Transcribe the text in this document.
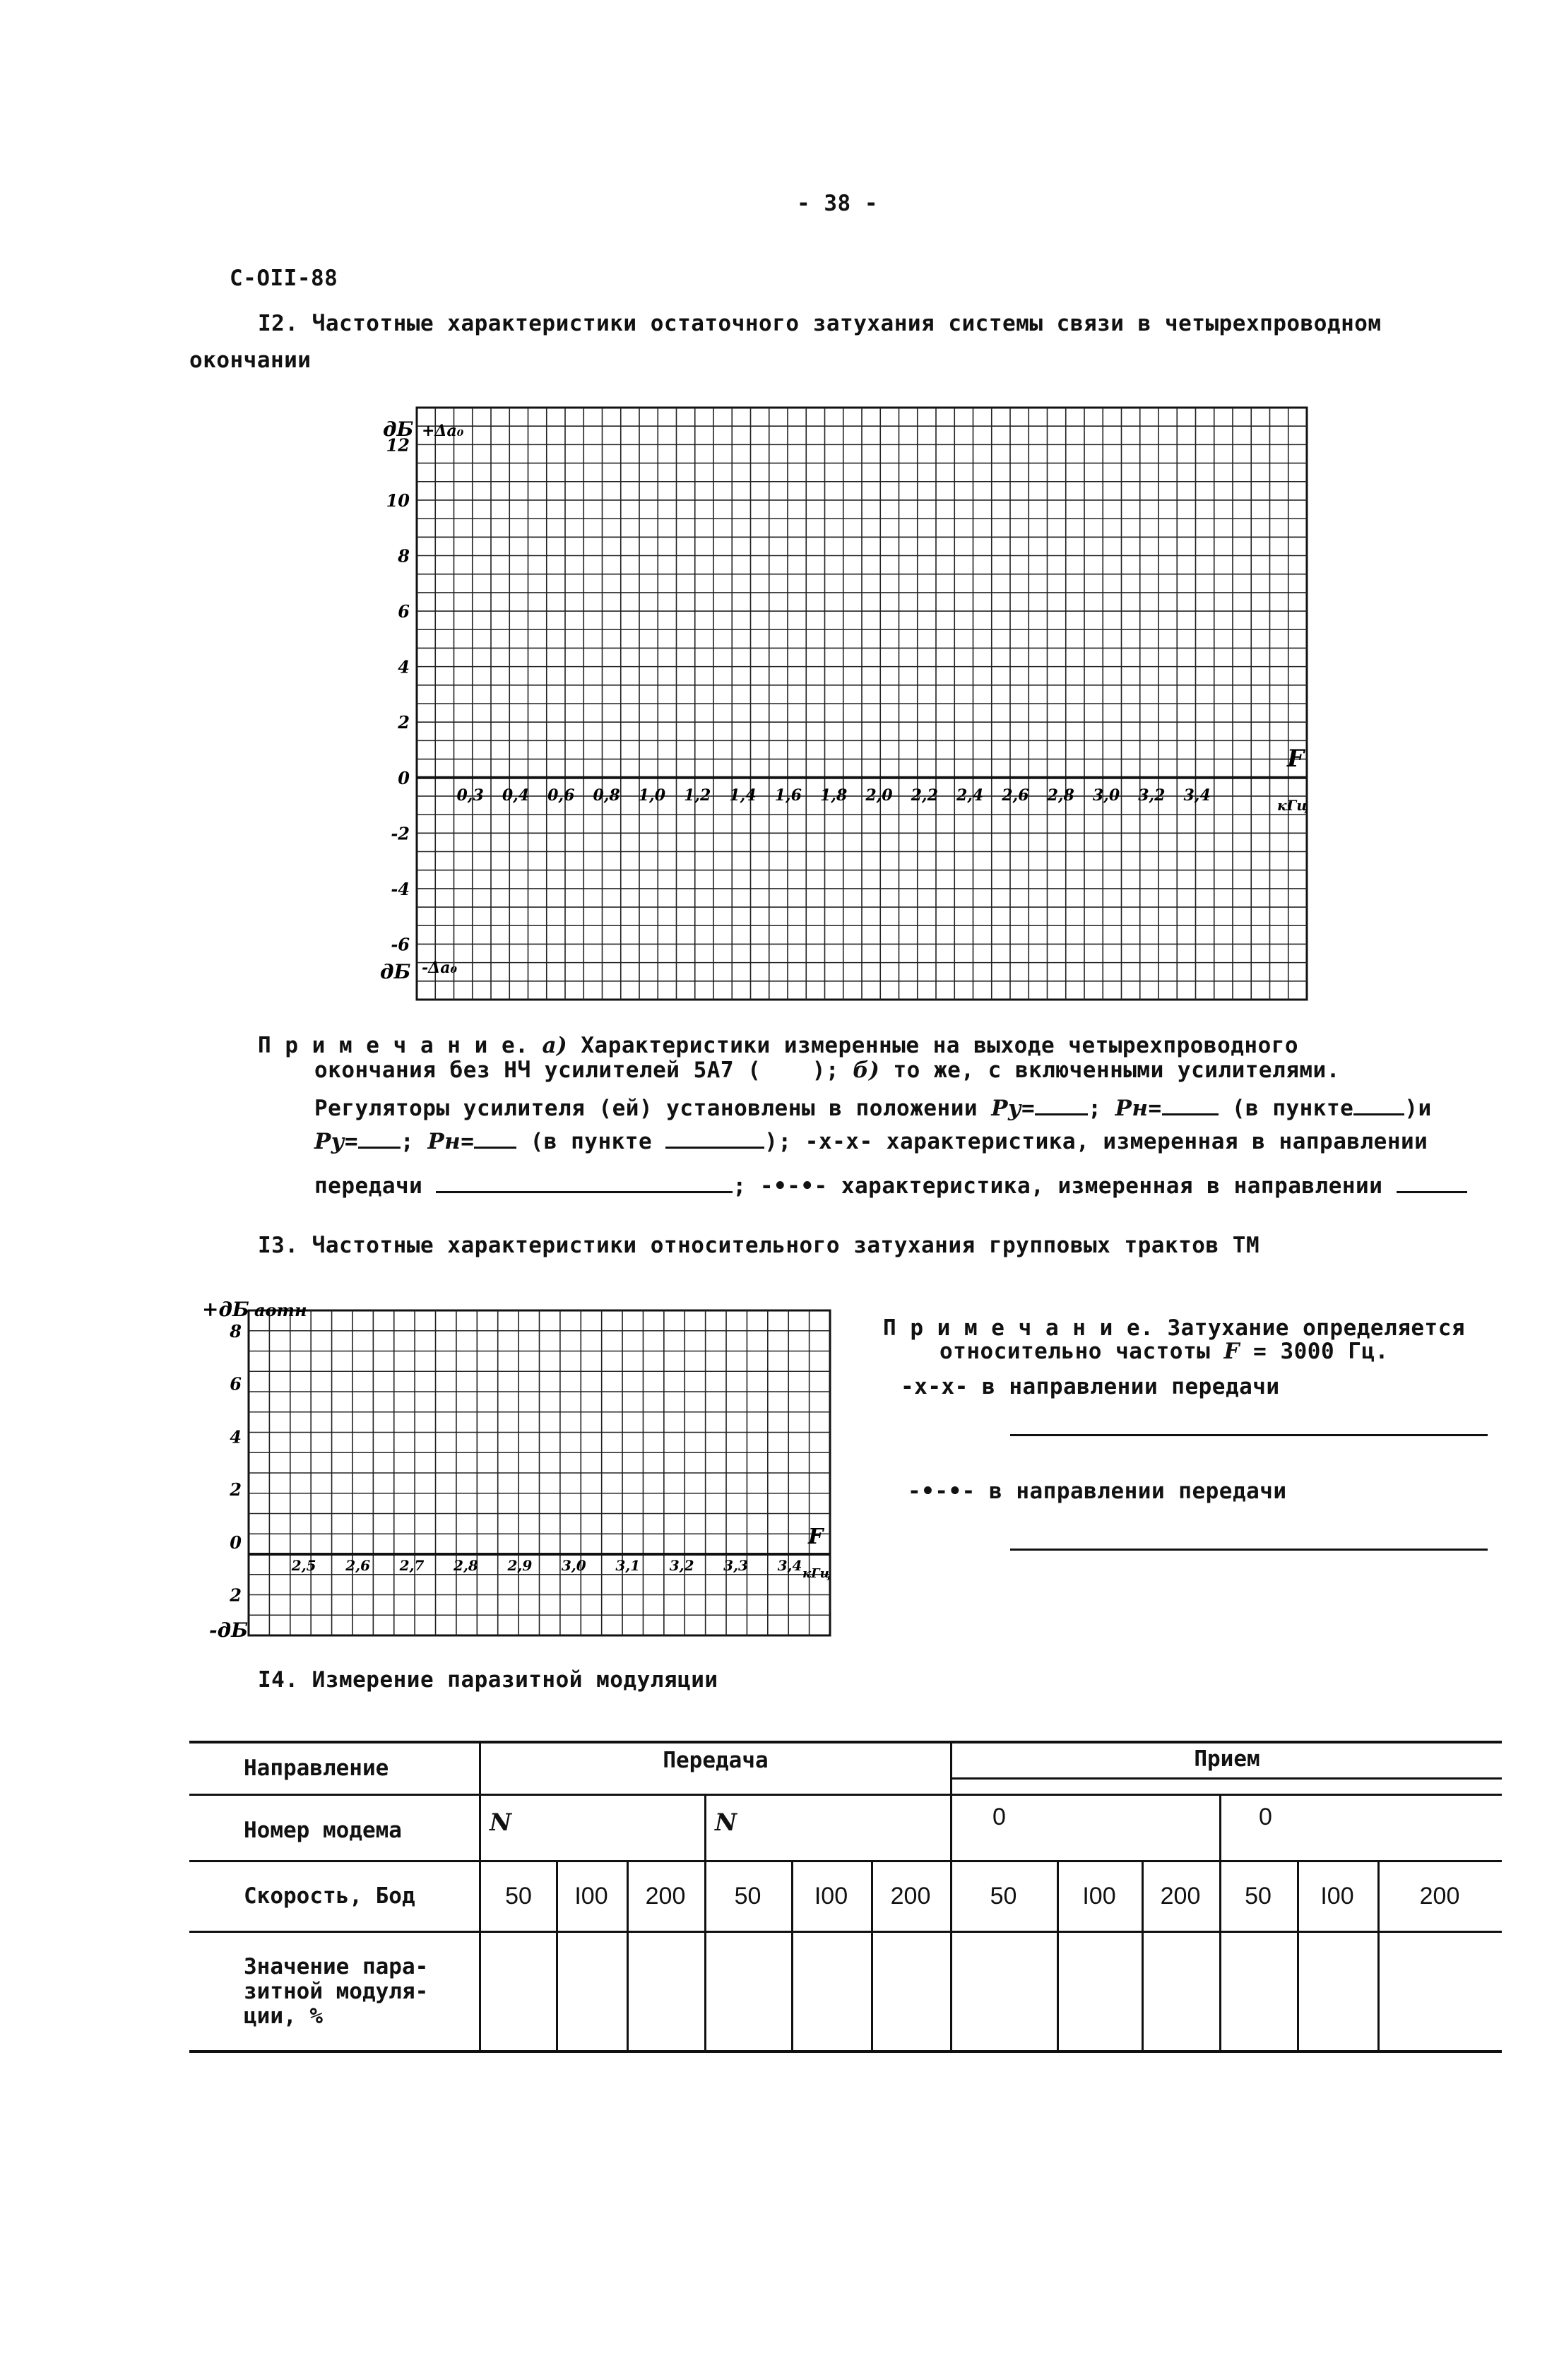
- 38 -
С-ОII-88
I2. Частотные характеристики остаточного затухания системы связи в четырехпроводном
окончании
12
10
8
6
4
2
0
-2
-4
-6
0,3 0,4 0,6 0,8 1,0 1,2 1,4 1,6 1,8 2,0 2,2 2,4 2,6 2,8 3,0 3,2 3,4
дБ +Δa₀
дБ -Δa₀
F
кГц
П р и м е ч а н и е. а) Характеристики измеренные на выходе четырехпроводного
окончания без НЧ усилителей 5А7 ( ); б) то же, с включенными усилителями.
Регуляторы усилителя (ей) установлены в положении Pу= ; Pн=	(в пункте )и
Pу= ; Pн=	(в пункте	); -x-x- характеристика, измеренная в направлении
передачи	; -•-•- характеристика, измеренная в направлении
I3. Частотные характеристики относительного затухания групповых трактов ТМ
8
6
4
2
0
2
2,5 2,6 2,7 2,8 2,9 3,0 3,1 3,2 3,3 3,4
+дБ aотн
-дБ
F
кГц
П р и м е ч а н и е. Затухание определяется
относительно частоты F = 3000 Гц.
-x-x- в направлении передачи
-•-•- в направлении передачи
I4. Измерение паразитной модуляции
Направление	Передача	Прием
Номер модема	N	N	0	0
Скорость, Бод	50	I00	200	50	I00	200	50	I00	200	50	I00	200
Значение пара-
зитной модуля-
ции, %
